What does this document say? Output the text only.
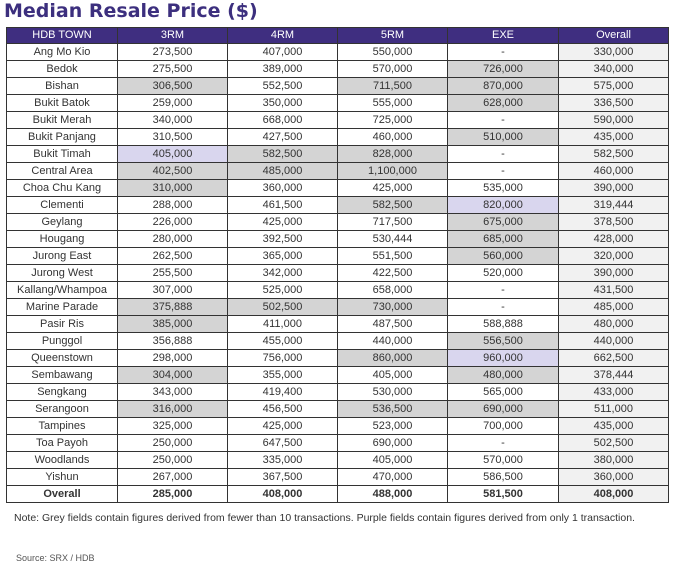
Median Resale Price ($)
HDB TOWN	3RM	4RM	5RM	EXE	Overall
Ang Mo Kio	273,500	407,000	550,000	-	330,000
Bedok	275,500	389,000	570,000	726,000	340,000
Bishan	306,500	552,500	711,500	870,000	575,000
Bukit Batok	259,000	350,000	555,000	628,000	336,500
Bukit Merah	340,000	668,000	725,000	-	590,000
Bukit Panjang	310,500	427,500	460,000	510,000	435,000
Bukit Timah	405,000	582,500	828,000	-	582,500
Central Area	402,500	485,000	1,100,000	-	460,000
Choa Chu Kang	310,000	360,000	425,000	535,000	390,000
Clementi	288,000	461,500	582,500	820,000	319,444
Geylang	226,000	425,000	717,500	675,000	378,500
Hougang	280,000	392,500	530,444	685,000	428,000
Jurong East	262,500	365,000	551,500	560,000	320,000
Jurong West	255,500	342,000	422,500	520,000	390,000
Kallang/Whampoa	307,000	525,000	658,000	-	431,500
Marine Parade	375,888	502,500	730,000	-	485,000
Pasir Ris	385,000	411,000	487,500	588,888	480,000
Punggol	356,888	455,000	440,000	556,500	440,000
Queenstown	298,000	756,000	860,000	960,000	662,500
Sembawang	304,000	355,000	405,000	480,000	378,444
Sengkang	343,000	419,400	530,000	565,000	433,000
Serangoon	316,000	456,500	536,500	690,000	511,000
Tampines	325,000	425,000	523,000	700,000	435,000
Toa Payoh	250,000	647,500	690,000	-	502,500
Woodlands	250,000	335,000	405,000	570,000	380,000
Yishun	267,000	367,500	470,000	586,500	360,000
Overall	285,000	408,000	488,000	581,500	408,000
Note: Grey fields contain figures derived from fewer than 10 transactions. Purple fields contain figures derived from only 1 transaction.
Source: SRX / HDB
